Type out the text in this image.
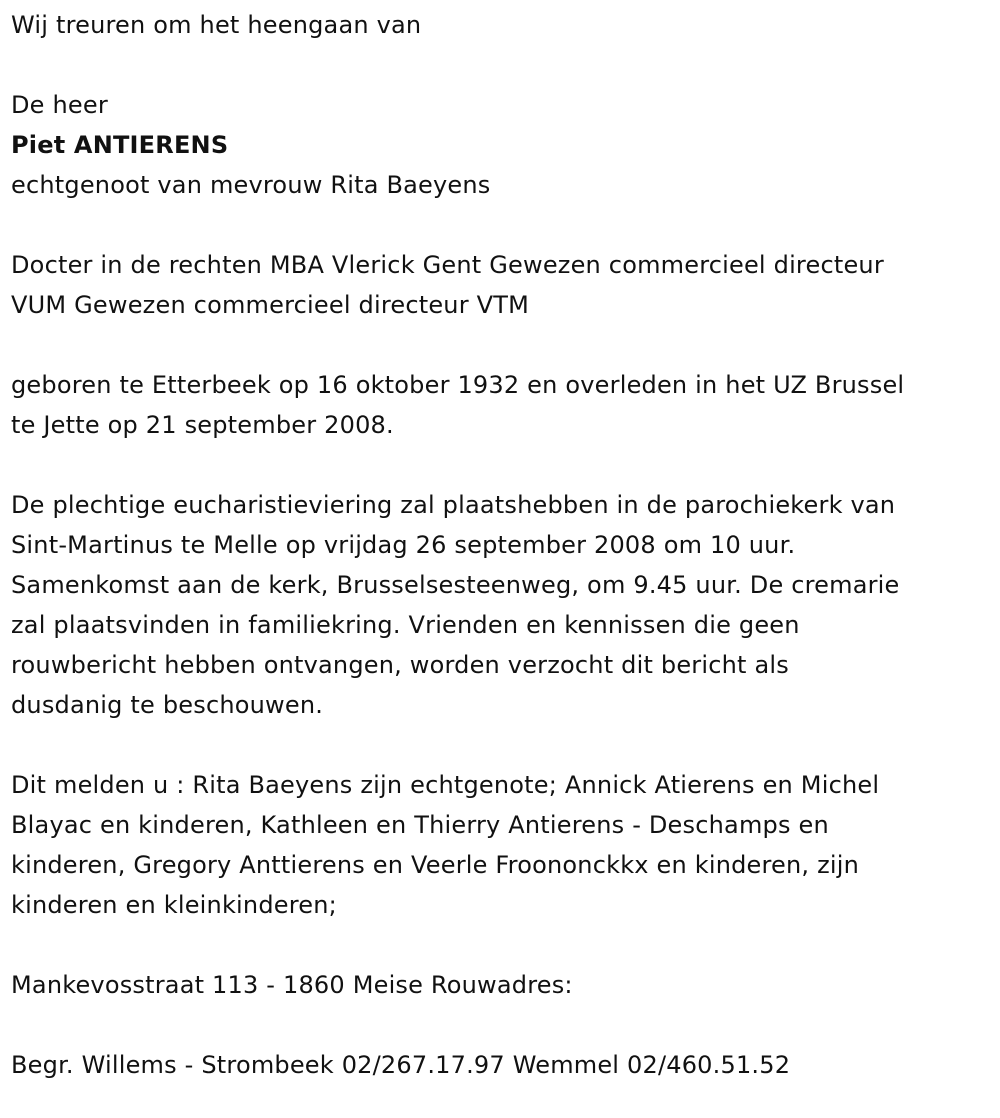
Wij treuren om het heengaan van

De heer

Piet ANTIERENS

echtgenoot van mevrouw Rita Baeyens

Docter in de rechten MBA Vlerick Gent Gewezen commercieel directeur

VUM Gewezen commercieel directeur VTM

geboren te Etterbeek op 16 oktober 1932 en overleden in het UZ Brussel

te Jette op 21 september 2008.

De plechtige eucharistieviering zal plaatshebben in de parochiekerk van

Sint-Martinus te Melle op vrijdag 26 september 2008 om 10 uur.

Samenkomst aan de kerk, Brusselsesteenweg, om 9.45 uur. De cremarie

zal plaatsvinden in familiekring. Vrienden en kennissen die geen

rouwbericht hebben ontvangen, worden verzocht dit bericht als

dusdanig te beschouwen.

Dit melden u : Rita Baeyens zijn echtgenote; Annick Atierens en Michel

Blayac en kinderen, Kathleen en Thierry Antierens - Deschamps en

kinderen, Gregory Anttierens en Veerle Froononckkx en kinderen, zijn

kinderen en kleinkinderen;

Mankevosstraat 113 - 1860 Meise Rouwadres:

Begr. Willems - Strombeek 02/267.17.97 Wemmel 02/460.51.52
